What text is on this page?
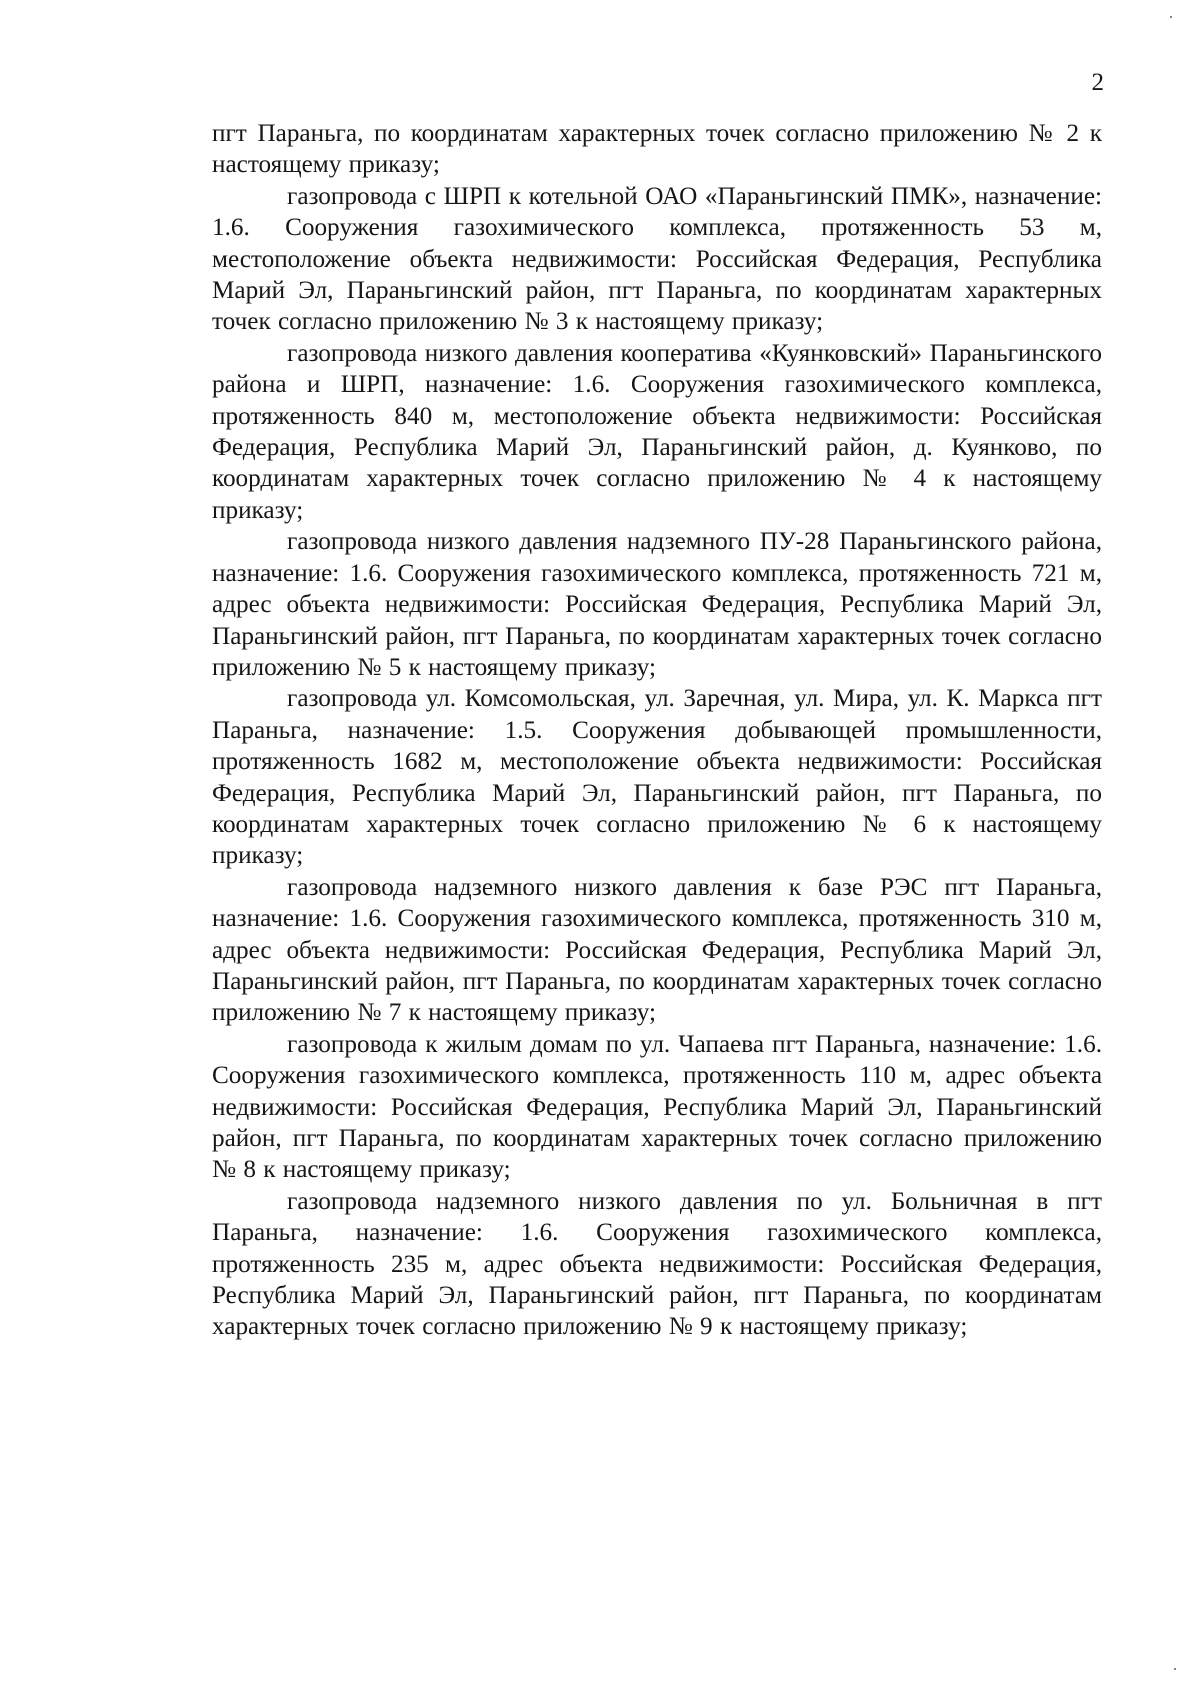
2

пгт Параньга, по координатам характерных точек согласно приложению № 2 к настоящему приказу;

газопровода с ШРП к котельной ОАО «Параньгинский ПМК», назначение: 1.6. Сооружения газохимического комплекса, протяженность 53 м, местоположение объекта недвижимости: Российская Федерация, Республика Марий Эл, Параньгинский район, пгт Параньга, по координатам характерных точек согласно приложению № 3 к настоящему приказу;

газопровода низкого давления кооператива «Куянковский» Параньгинского района и ШРП, назначение: 1.6. Сооружения газохимического комплекса, протяженность 840 м, местоположение объекта недвижимости: Российская Федерация, Республика Марий Эл, Параньгинский район, д. Куянково, по координатам характерных точек согласно приложению № 4 к настоящему приказу;

газопровода низкого давления надземного ПУ-28 Параньгинского района, назначение: 1.6. Сооружения газохимического комплекса, протяженность 721 м, адрес объекта недвижимости: Российская Федерация, Республика Марий Эл, Параньгинский район, пгт Параньга, по координатам характерных точек согласно приложению № 5 к настоящему приказу;

газопровода ул. Комсомольская, ул. Заречная, ул. Мира, ул. К. Маркса пгт Параньга, назначение: 1.5. Сооружения добывающей промышленности, протяженность 1682 м, местоположение объекта недвижимости: Российская Федерация, Республика Марий Эл, Параньгинский район, пгт Параньга, по координатам характерных точек согласно приложению № 6 к настоящему приказу;

газопровода надземного низкого давления к базе РЭС пгт Параньга, назначение: 1.6. Сооружения газохимического комплекса, протяженность 310 м, адрес объекта недвижимости: Российская Федерация, Республика Марий Эл, Параньгинский район, пгт Параньга, по координатам характерных точек согласно приложению № 7 к настоящему приказу;

газопровода к жилым домам по ул. Чапаева пгт Параньга, назначение: 1.6. Сооружения газохимического комплекса, протяженность 110 м, адрес объекта недвижимости: Российская Федерация, Республика Марий Эл, Параньгинский район, пгт Параньга, по координатам характерных точек согласно приложению № 8 к настоящему приказу;

газопровода надземного низкого давления по ул. Больничная в пгт Параньга, назначение: 1.6. Сооружения газохимического комплекса, протяженность 235 м, адрес объекта недвижимости: Российская Федерация, Республика Марий Эл, Параньгинский район, пгт Параньга, по координатам характерных точек согласно приложению № 9 к настоящему приказу;
